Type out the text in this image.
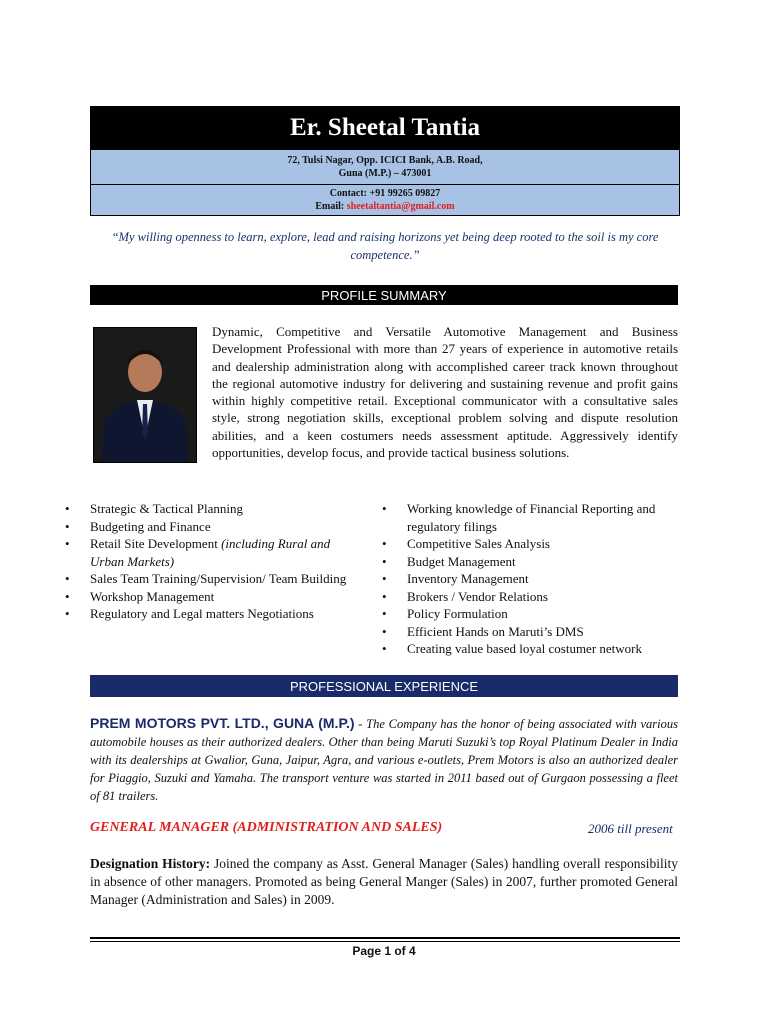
Er. Sheetal Tantia
72, Tulsi Nagar, Opp. ICICI Bank, A.B. Road,
Guna (M.P.) – 473001
Contact: +91 99265 09827
Email: sheetaltantia@gmail.com
“My willing openness to learn, explore, lead and raising horizons yet being deep rooted to the soil is my core competence.”
PROFILE SUMMARY

Dynamic, Competitive and Versatile Automotive Management and Business Development Professional with more than 27 years of experience in automotive retails and dealership administration along with accomplished career track known throughout the regional automotive industry for delivering and sustaining revenue and profit gains within highly competitive retail. Exceptional communicator with a consultative sales style, strong negotiation skills, exceptional problem solving and dispute resolution abilities, and a keen costumers needs assessment aptitude. Aggressively identify opportunities, develop focus, and provide tactical business solutions.

• Strategic & Tactical Planning
• Budgeting and Finance
• Retail Site Development (including Rural and Urban Markets)
• Sales Team Training/Supervision/ Team Building
• Workshop Management
• Regulatory and Legal matters Negotiations
• Working knowledge of Financial Reporting and regulatory filings
• Competitive Sales Analysis
• Budget Management
• Inventory Management
• Brokers / Vendor Relations
• Policy Formulation
• Efficient Hands on Maruti’s DMS
• Creating value based loyal costumer network
PROFESSIONAL EXPERIENCE

PREM MOTORS PVT. LTD., GUNA (M.P.) - The Company has the honor of being associated with various automobile houses as their authorized dealers. Other than being Maruti Suzuki’s top Royal Platinum Dealer in India with its dealerships at Gwalior, Guna, Jaipur, Agra, and various e-outlets, Prem Motors is also an authorized dealer for Piaggio, Suzuki and Yamaha. The transport venture was started in 2011 based out of Gurgaon possessing a fleet of 81 trailers.

GENERAL MANAGER (ADMINISTRATION AND SALES)	2006 till present

Designation History: Joined the company as Asst. General Manager (Sales) handling overall responsibility in absence of other managers. Promoted as being General Manger (Sales) in 2007, further promoted General Manager (Administration and Sales) in 2009.

Page 1 of 4
